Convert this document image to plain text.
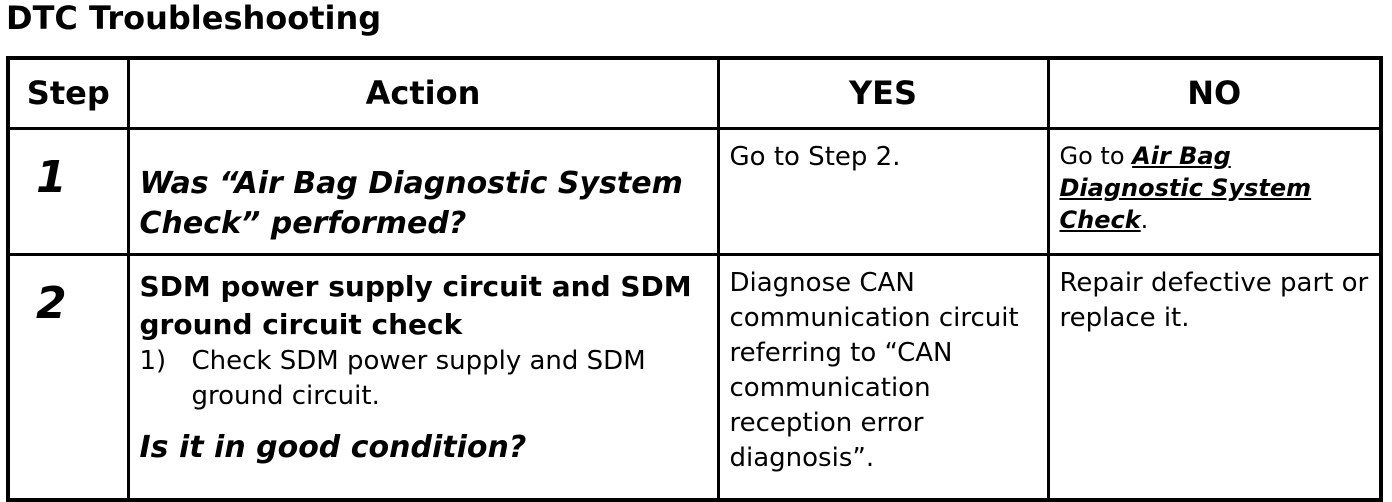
DTC Troubleshooting
Step	Action	YES	NO

1	Was “Air Bag Diagnostic System Check” performed?	Go to Step 2.	Go to Air Bag Diagnostic System Check.

2	SDM power supply circuit and SDM ground circuit check
1) Check SDM power supply and SDM ground circuit.
Is it in good condition?	Diagnose CAN communication circuit referring to “CAN communication reception error diagnosis”.	Repair defective part or replace it.
